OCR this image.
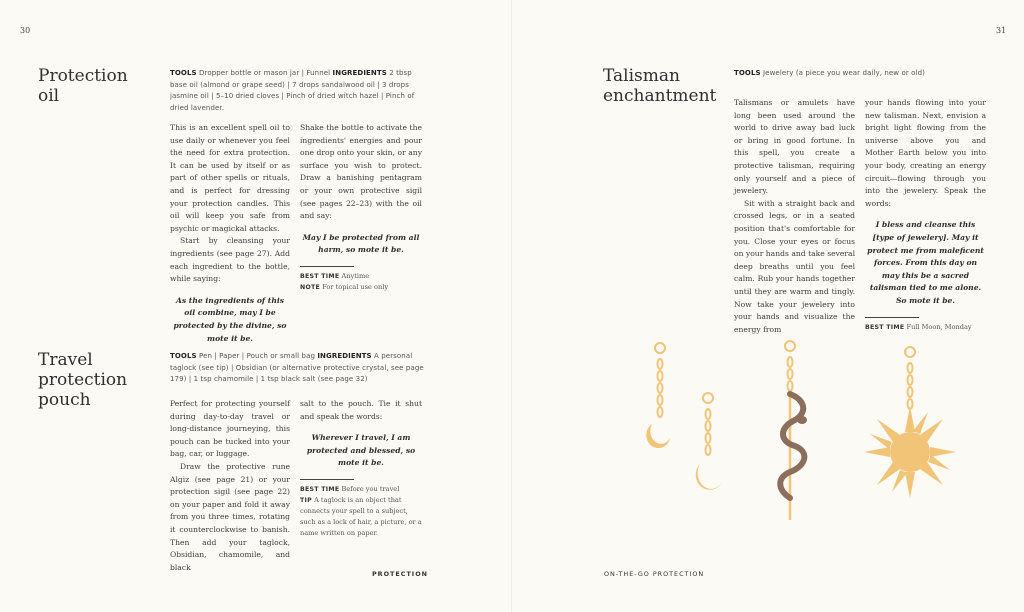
30
Protection oil
TOOLS Dropper bottle or mason jar | Funnel INGREDIENTS 2 tbsp base oil (almond or grape seed) | 7 drops sandalwood oil | 3 drops jasmine oil | 5–10 dried cloves | Pinch of dried witch hazel | Pinch of dried lavender.

This is an excellent spell oil to use daily or whenever you feel the need for extra protection. It can be used by itself or as part of other spells or rituals, and is perfect for dressing your protection candles. This oil will keep you safe from psychic or magickal attacks.

Start by cleansing your ingredients (see page 27). Add each ingredient to the bottle, while saying:

As the ingredients of this oil combine, may I be protected by the divine, so mote it be.

Shake the bottle to activate the ingredients' energies and pour one drop onto your skin, or any surface you wish to protect. Draw a banishing pentagram or your own protective sigil (see pages 22–23) with the oil and say:

May I be protected from all harm, so mote it be.

BEST TIME Anytime
NOTE For topical use only
Travel protection pouch
TOOLS Pen | Paper | Pouch or small bag INGREDIENTS A personal taglock (see tip) | Obsidian (or alternative protective crystal, see page 179) | 1 tsp chamomile | 1 tsp black salt (see page 32)

Perfect for protecting yourself during day-to-day travel or long-distance journeying, this pouch can be tucked into your bag, car, or luggage.

Draw the protective rune Algiz (see page 21) or your protection sigil (see page 22) on your paper and fold it away from you three times, rotating it counterclockwise to banish. Then add your taglock, Obsidian, chamomile, and black

salt to the pouch. Tie it shut and speak the words:

Wherever I travel, I am protected and blessed, so mote it be.

BEST TIME Before you travel
TIP A taglock is an object that connects your spell to a subject, such as a lock of hair, a picture, or a name written on paper.
PROTECTION
31
Talisman enchantment
TOOLS Jewelery (a piece you wear daily, new or old)

Talismans or amulets have long been used around the world to drive away bad luck or bring in good fortune. In this spell, you create a protective talisman, requiring only yourself and a piece of jewelery.

Sit with a straight back and crossed legs, or in a seated position that's comfortable for you. Close your eyes or focus on your hands and take several deep breaths until you feel calm. Rub your hands together until they are warm and tingly. Now take your jewelery into your hands and visualize the energy from

your hands flowing into your new talisman. Next, envision a bright light flowing from the universe above you and Mother Earth below you into your body, creating an energy circuit—flowing through you into the jewelery. Speak the words:

I bless and cleanse this [type of jewelery]. May it protect me from maleficent forces. From this day on may this be a sacred talisman tied to me alone. So mote it be.

BEST TIME Full Moon, Monday
ON-THE-GO PROTECTION
